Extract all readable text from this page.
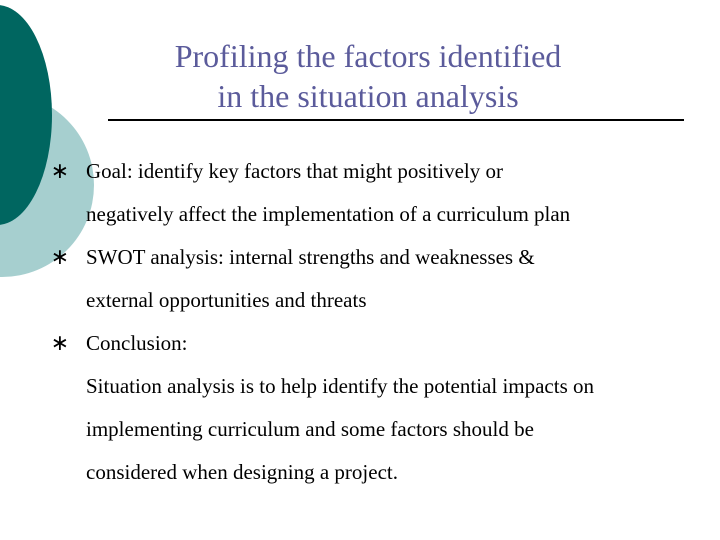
Profiling the factors identified
in the situation analysis
∗ Goal: identify key factors that might positively or
negatively affect the implementation of a curriculum plan
∗ SWOT analysis: internal strengths and weaknesses &
external opportunities and threats
∗ Conclusion:
Situation analysis is to help identify the potential impacts on
implementing curriculum and some factors should be
considered when designing a project.
